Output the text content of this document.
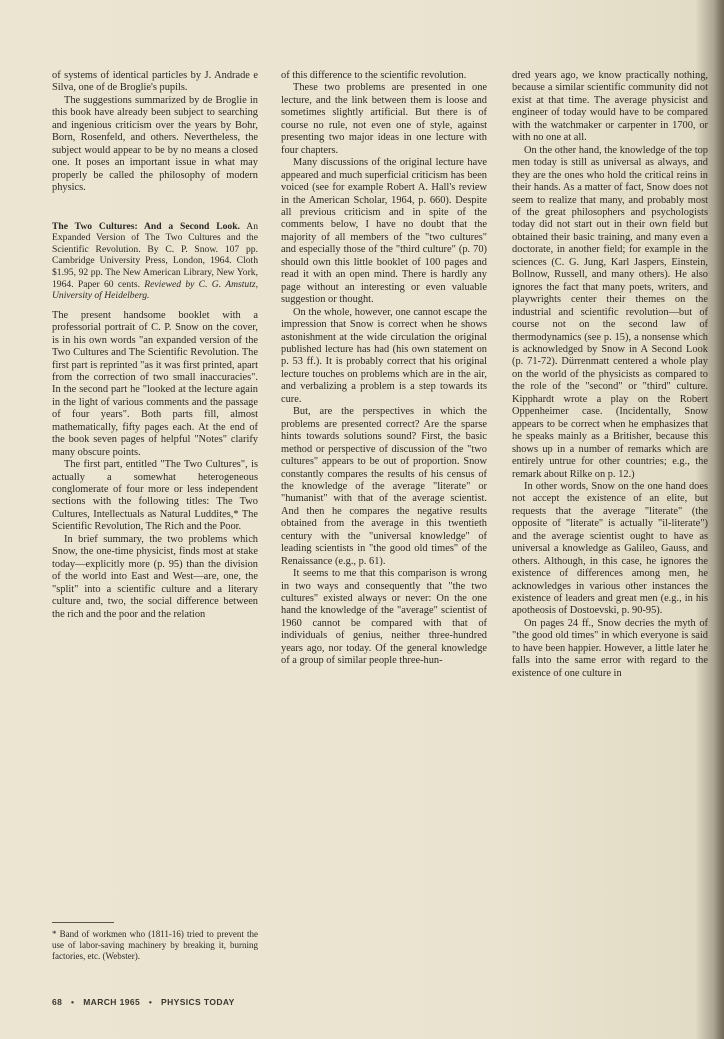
of systems of identical particles by J. Andrade e Silva, one of de Broglie's pupils.

The suggestions summarized by de Broglie in this book have already been subject to searching and ingenious criticism over the years by Bohr, Born, Rosenfeld, and others. Nevertheless, the subject would appear to be by no means a closed one. It poses an important issue in what may properly be called the philosophy of modern physics.

The Two Cultures: And a Second Look. An Expanded Version of The Two Cultures and the Scientific Revolution. By C. P. Snow. 107 pp. Cambridge University Press, London, 1964. Cloth $1.95, 92 pp. The New American Library, New York, 1964. Paper 60 cents. Reviewed by C. G. Amstutz, University of Heidelberg.

The present handsome booklet with a professorial portrait of C. P. Snow on the cover, is in his own words "an expanded version of the Two Cultures and The Scientific Revolution. The first part is reprinted "as it was first printed, apart from the correction of two small inaccuracies". In the second part he "looked at the lecture again in the light of various comments and the passage of four years". Both parts fill, almost mathematically, fifty pages each. At the end of the book seven pages of helpful "Notes" clarify many obscure points.

The first part, entitled "The Two Cultures", is actually a somewhat heterogeneous conglomerate of four more or less independent sections with the following titles: The Two Cultures, Intellectuals as Natural Luddites,* The Scientific Revolution, The Rich and the Poor.

In brief summary, the two problems which Snow, the one-time physicist, finds most at stake today—explicitly more (p. 95) than the division of the world into East and West—are, one, the "split" into a scientific culture and a literary culture and, two, the social difference between the rich and the poor and the relation

of this difference to the scientific revolution.

These two problems are presented in one lecture, and the link between them is loose and sometimes slightly artificial. But there is of course no rule, not even one of style, against presenting two major ideas in one lecture with four chapters.

Many discussions of the original lecture have appeared and much superficial criticism has been voiced (see for example Robert A. Hall's review in the American Scholar, 1964, p. 660). Despite all previous criticism and in spite of the comments below, I have no doubt that the majority of all members of the "two cultures" and especially those of the "third culture" (p. 70) should own this little booklet of 100 pages and read it with an open mind. There is hardly any page without an interesting or even valuable suggestion or thought.

On the whole, however, one cannot escape the impression that Snow is correct when he shows astonishment at the wide circulation the original published lecture has had (his own statement on p. 53 ff.). It is probably correct that his original lecture touches on problems which are in the air, and verbalizing a problem is a step towards its cure.

But, are the perspectives in which the problems are presented correct? Are the sparse hints towards solutions sound? First, the basic method or perspective of discussion of the "two cultures" appears to be out of proportion. Snow constantly compares the results of his census of the knowledge of the average "literate" or "humanist" with that of the average scientist. And then he compares the negative results obtained from the average in this twentieth century with the "universal knowledge" of leading scientists in "the good old times" of the Renaissance (e.g., p. 61).

It seems to me that this comparison is wrong in two ways and consequently that "the two cultures" existed always or never: On the one hand the knowledge of the "average" scientist of 1960 cannot be compared with that of individuals of genius, neither three-hundred years ago, nor today. Of the general knowledge of a group of similar people three-hun-

dred years ago, we know practically nothing, because a similar scientific community did not exist at that time. The average physicist and engineer of today would have to be compared with the watchmaker or carpenter in 1700, or with no one at all.

On the other hand, the knowledge of the top men today is still as universal as always, and they are the ones who hold the critical reins in their hands. As a matter of fact, Snow does not seem to realize that many, and probably most of the great philosophers and psychologists today did not start out in their own field but obtained their basic training, and many even a doctorate, in another field; for example in the sciences (C. G. Jung, Karl Jaspers, Einstein, Bollnow, Russell, and many others). He also ignores the fact that many poets, writers, and playwrights center their themes on the industrial and scientific revolution—but of course not on the second law of thermodynamics (see p. 15), a nonsense which is acknowledged by Snow in A Second Look (p. 71-72). Dürrenmatt centered a whole play on the world of the physicists as compared to the role of the "second" or "third" culture. Kipphardt wrote a play on the Robert Oppenheimer case. (Incidentally, Snow appears to be correct when he emphasizes that he speaks mainly as a Britisher, because this shows up in a number of remarks which are entirely untrue for other countries; e.g., the remark about Rilke on p. 12.)

In other words, Snow on the one hand does not accept the existence of an elite, but requests that the average "literate" (the opposite of "literate" is actually "il-literate") and the average scientist ought to have as universal a knowledge as Galileo, Gauss, and others. Although, in this case, he ignores the existence of differences among men, he acknowledges in various other instances the existence of leaders and great men (e.g., in his apotheosis of Dostoevski, p. 90-95).

On pages 24 ff., Snow decries the myth of "the good old times" in which everyone is said to have been happier. However, a little later he falls into the same error with regard to the existence of one culture in

* Band of workmen who (1811-16) tried to prevent the use of labor-saving machinery by breaking it, burning factories, etc. (Webster).
68 • MARCH 1965 • PHYSICS TODAY
